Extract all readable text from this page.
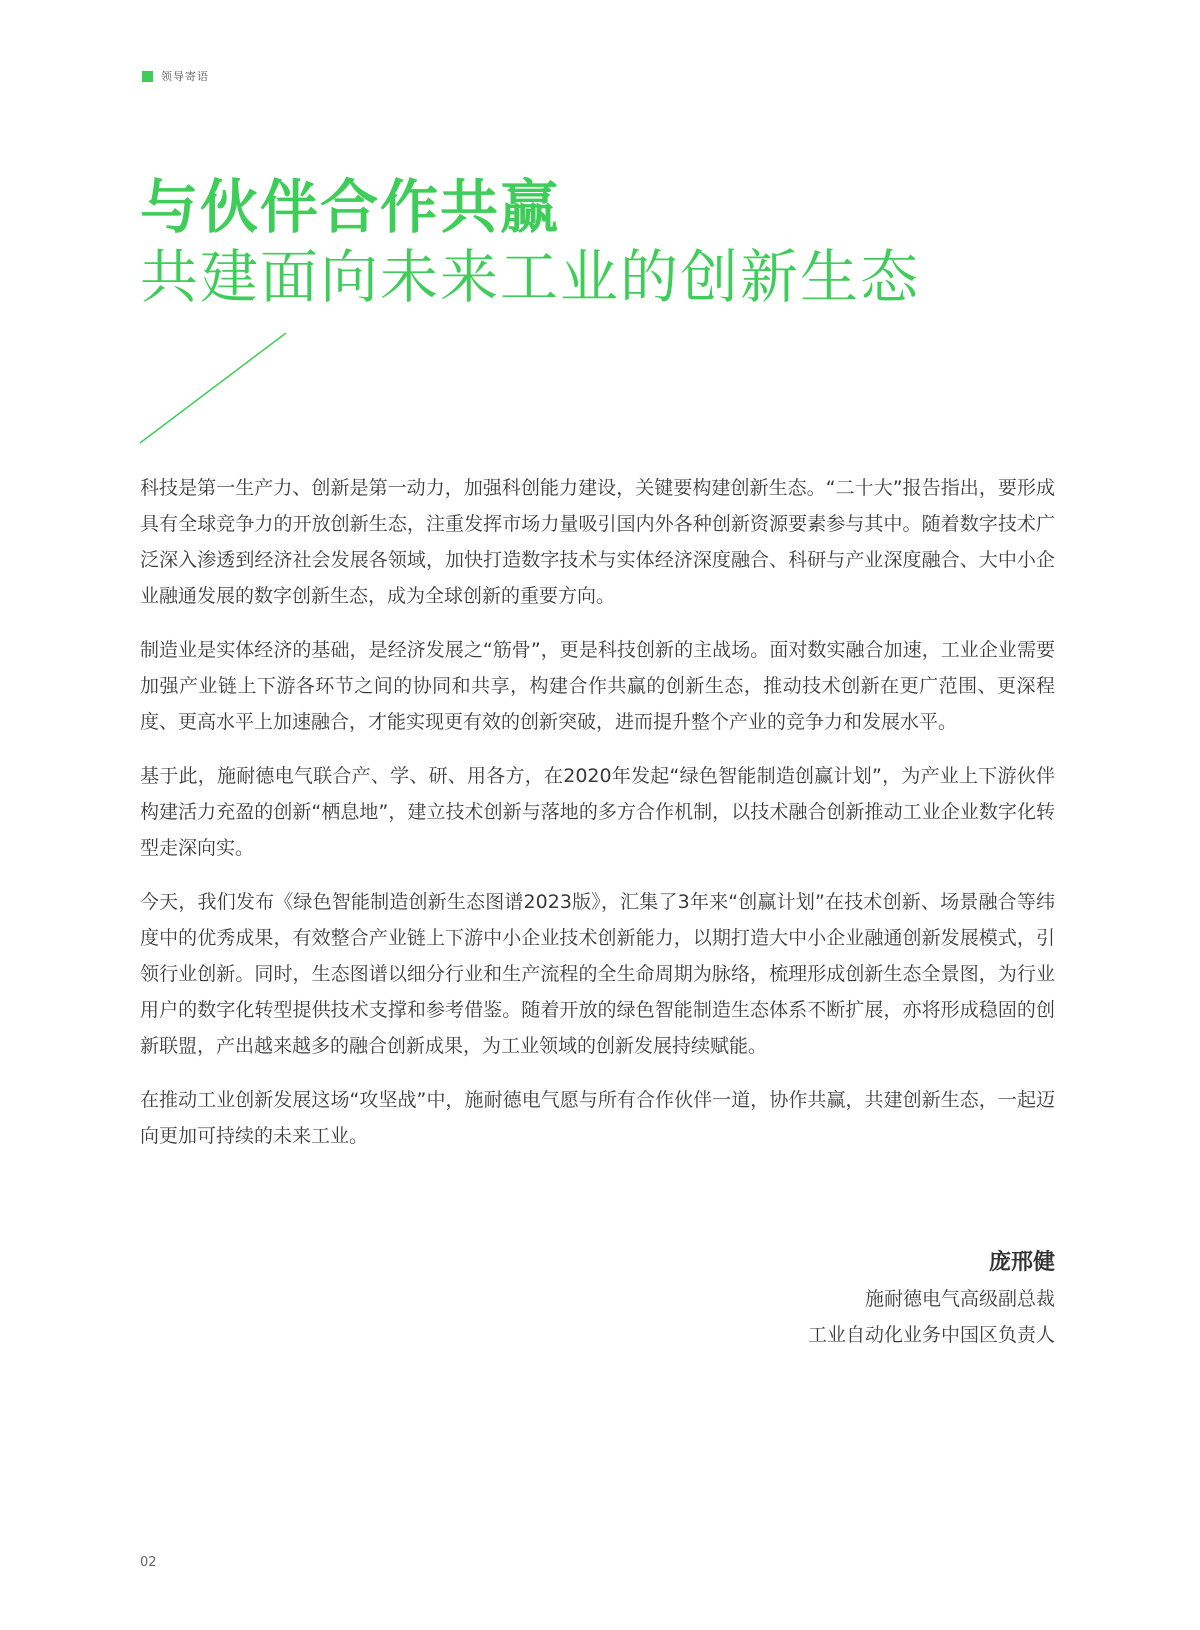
领导寄语
与伙伴合作共赢
共建面向未来工业的创新生态

科技是第一生产力、创新是第一动力，加强科创能力建设，关键要构建创新生态。“二十大”报告指出，要形成具有全球竞争力的开放创新生态，注重发挥市场力量吸引国内外各种创新资源要素参与其中。随着数字技术广泛深入渗透到经济社会发展各领域，加快打造数字技术与实体经济深度融合、科研与产业深度融合、大中小企业融通发展的数字创新生态，成为全球创新的重要方向。

制造业是实体经济的基础，是经济发展之“筋骨”，更是科技创新的主战场。面对数实融合加速，工业企业需要加强产业链上下游各环节之间的协同和共享，构建合作共赢的创新生态，推动技术创新在更广范围、更深程度、更高水平上加速融合，才能实现更有效的创新突破，进而提升整个产业的竞争力和发展水平。

基于此，施耐德电气联合产、学、研、用各方，在2020年发起“绿色智能制造创赢计划”，为产业上下游伙伴构建活力充盈的创新“栖息地”，建立技术创新与落地的多方合作机制，以技术融合创新推动工业企业数字化转型走深向实。

今天，我们发布《绿色智能制造创新生态图谱2023版》，汇集了3年来“创赢计划”在技术创新、场景融合等纬度中的优秀成果，有效整合产业链上下游中小企业技术创新能力，以期打造大中小企业融通创新发展模式，引领行业创新。同时，生态图谱以细分行业和生产流程的全生命周期为脉络，梳理形成创新生态全景图，为行业用户的数字化转型提供技术支撑和参考借鉴。随着开放的绿色智能制造生态体系不断扩展，亦将形成稳固的创新联盟，产出越来越多的融合创新成果，为工业领域的创新发展持续赋能。

在推动工业创新发展这场“攻坚战”中，施耐德电气愿与所有合作伙伴一道，协作共赢，共建创新生态，一起迈向更加可持续的未来工业。

庞邢健
施耐德电气高级副总裁
工业自动化业务中国区负责人
02
